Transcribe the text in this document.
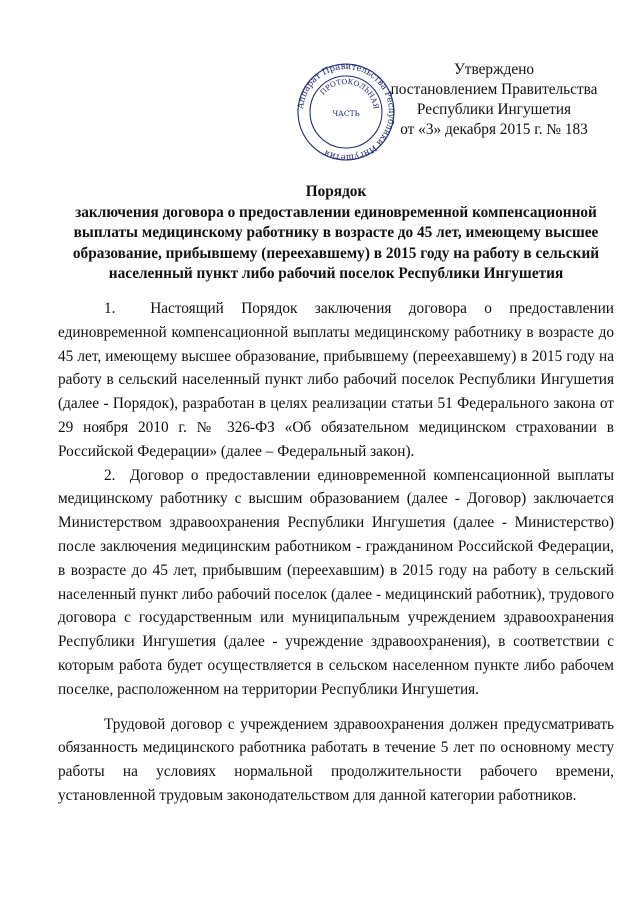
Аппарат Правительства Республики Ингушетия
ПРОТОКОЛЬНАЯ
ЧАСТЬ
Утверждено
постановлением Правительства
Республики Ингушетия
от «3» декабря 2015 г. № 183
Порядок
заключения договора о предоставлении единовременной компенсационной
выплаты медицинскому работнику в возрасте до 45 лет, имеющему высшее
образование, прибывшему (переехавшему) в 2015 году на работу в сельский
населенный пункт либо рабочий поселок Республики Ингушетия

1. Настоящий Порядок заключения договора о предоставлении единовременной компенсационной выплаты медицинскому работнику в возрасте до 45 лет, имеющему высшее образование, прибывшему (переехавшему) в 2015 году на работу в сельский населенный пункт либо рабочий поселок Республики Ингушетия (далее - Порядок), разработан в целях реализации статьи 51 Федерального закона от 29 ноября 2010 г. № 326-ФЗ «Об обязательном медицинском страховании в Российской Федерации» (далее – Федеральный закон).

2. Договор о предоставлении единовременной компенсационной выплаты медицинскому работнику с высшим образованием (далее - Договор) заключается Министерством здравоохранения Республики Ингушетия (далее - Министерство) после заключения медицинским работником - гражданином Российской Федерации, в возрасте до 45 лет, прибывшим (переехавшим) в 2015 году на работу в сельский населенный пункт либо рабочий поселок (далее - медицинский работник), трудового договора с государственным или муниципальным учреждением здравоохранения Республики Ингушетия (далее - учреждение здравоохранения), в соответствии с которым работа будет осуществляется в сельском населенном пункте либо рабочем поселке, расположенном на территории Республики Ингушетия.

Трудовой договор с учреждением здравоохранения должен предусматривать обязанность медицинского работника работать в течение 5 лет по основному месту работы на условиях нормальной продолжительности рабочего времени, установленной трудовым законодательством для данной категории работников.
